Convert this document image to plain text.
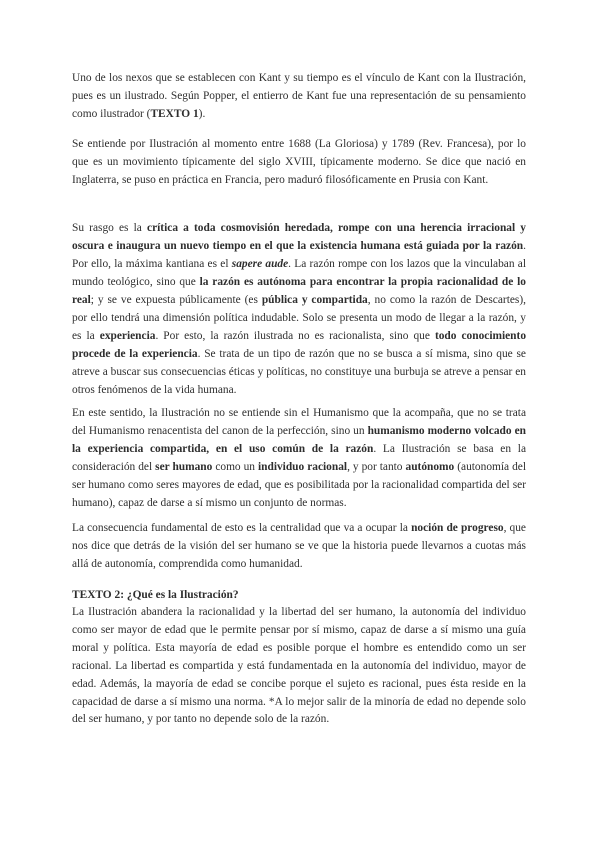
Uno de los nexos que se establecen con Kant y su tiempo es el vínculo de Kant con la Ilustración, pues es un ilustrado. Según Popper, el entierro de Kant fue una representación de su pensamiento como ilustrador (TEXTO 1).

Se entiende por Ilustración al momento entre 1688 (La Gloriosa) y 1789 (Rev. Francesa), por lo que es un movimiento típicamente del siglo XVIII, típicamente moderno. Se dice que nació en Inglaterra, se puso en práctica en Francia, pero maduró filosóficamente en Prusia con Kant.

Su rasgo es la crítica a toda cosmovisión heredada, rompe con una herencia irracional y oscura e inaugura un nuevo tiempo en el que la existencia humana está guiada por la razón. Por ello, la máxima kantiana es el sapere aude. La razón rompe con los lazos que la vinculaban al mundo teológico, sino que la razón es autónoma para encontrar la propia racionalidad de lo real; y se ve expuesta públicamente (es pública y compartida, no como la razón de Descartes), por ello tendrá una dimensión política indudable. Solo se presenta un modo de llegar a la razón, y es la experiencia. Por esto, la razón ilustrada no es racionalista, sino que todo conocimiento procede de la experiencia. Se trata de un tipo de razón que no se busca a sí misma, sino que se atreve a buscar sus consecuencias éticas y políticas, no constituye una burbuja se atreve a pensar en otros fenómenos de la vida humana.

En este sentido, la Ilustración no se entiende sin el Humanismo que la acompaña, que no se trata del Humanismo renacentista del canon de la perfección, sino un humanismo moderno volcado en la experiencia compartida, en el uso común de la razón. La Ilustración se basa en la consideración del ser humano como un individuo racional, y por tanto autónomo (autonomía del ser humano como seres mayores de edad, que es posibilitada por la racionalidad compartida del ser humano), capaz de darse a sí mismo un conjunto de normas.

La consecuencia fundamental de esto es la centralidad que va a ocupar la noción de progreso, que nos dice que detrás de la visión del ser humano se ve que la historia puede llevarnos a cuotas más allá de autonomía, comprendida como humanidad.

TEXTO 2: ¿Qué es la Ilustración?

La Ilustración abandera la racionalidad y la libertad del ser humano, la autonomía del individuo como ser mayor de edad que le permite pensar por sí mismo, capaz de darse a sí mismo una guía moral y política. Esta mayoría de edad es posible porque el hombre es entendido como un ser racional. La libertad es compartida y está fundamentada en la autonomía del individuo, mayor de edad. Además, la mayoría de edad se concibe porque el sujeto es racional, pues ésta reside en la capacidad de darse a sí mismo una norma. *A lo mejor salir de la minoría de edad no depende solo del ser humano, y por tanto no depende solo de la razón.
